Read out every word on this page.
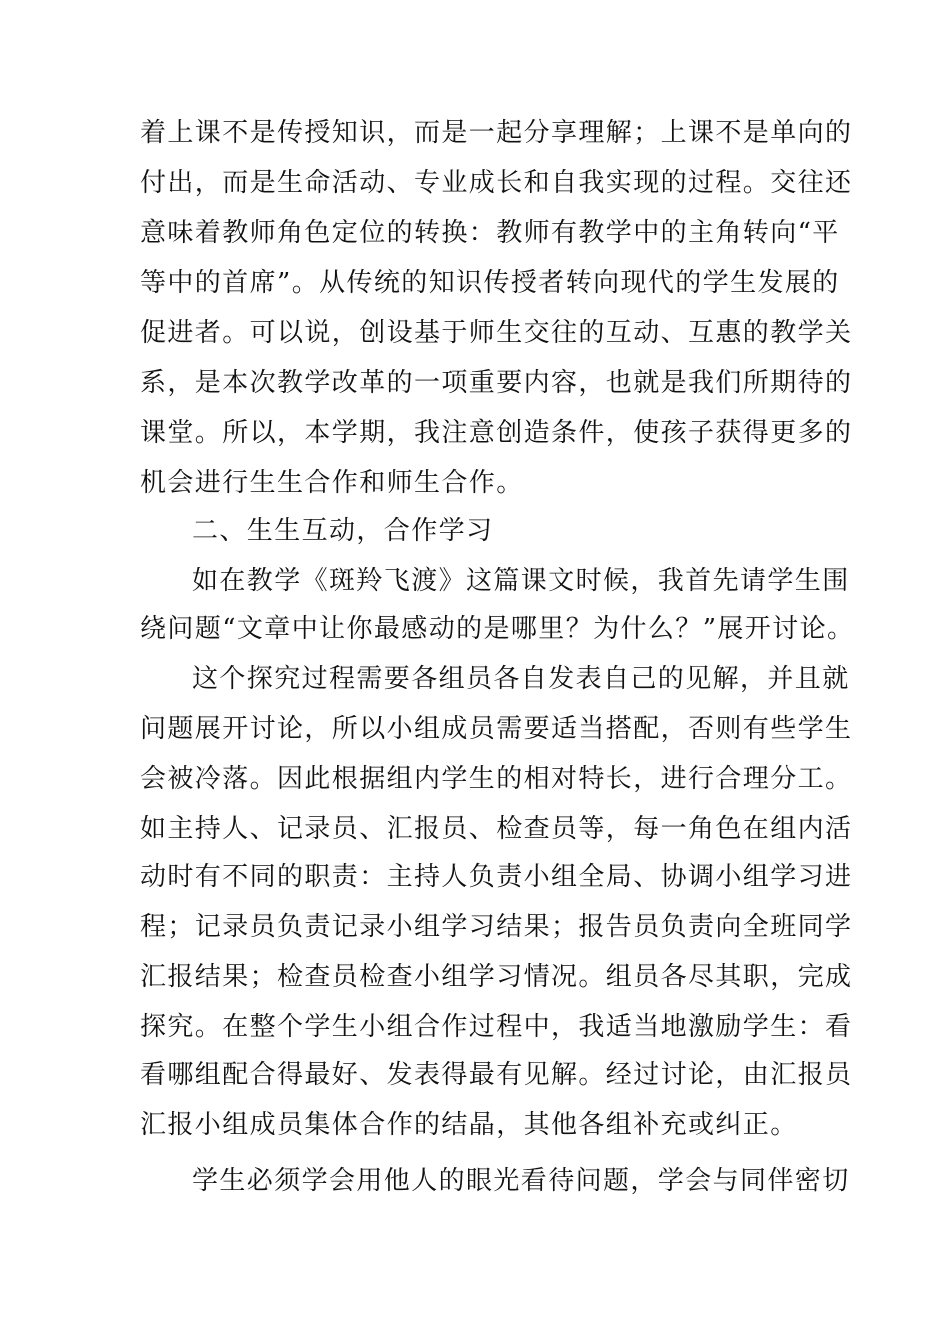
着上课不是传授知识，而是一起分享理解；上课不是单向的
付出，而是生命活动、专业成长和自我实现的过程。交往还
意味着教师角色定位的转换：教师有教学中的主角转向“平
等中的首席”。从传统的知识传授者转向现代的学生发展的
促进者。可以说，创设基于师生交往的互动、互惠的教学关
系，是本次教学改革的一项重要内容，也就是我们所期待的
课堂。所以，本学期，我注意创造条件，使孩子获得更多的
机会进行生生合作和师生合作。
二、生生互动，合作学习
如在教学《斑羚飞渡》这篇课文时候，我首先请学生围
绕问题“文章中让你最感动的是哪里？为什么？”展开讨论。
这个探究过程需要各组员各自发表自己的见解，并且就
问题展开讨论，所以小组成员需要适当搭配，否则有些学生
会被冷落。因此根据组内学生的相对特长，进行合理分工。
如主持人、记录员、汇报员、检查员等，每一角色在组内活
动时有不同的职责：主持人负责小组全局、协调小组学习进
程；记录员负责记录小组学习结果；报告员负责向全班同学
汇报结果；检查员检查小组学习情况。组员各尽其职，完成
探究。在整个学生小组合作过程中，我适当地激励学生：看
看哪组配合得最好、发表得最有见解。经过讨论，由汇报员
汇报小组成员集体合作的结晶，其他各组补充或纠正。
学生必须学会用他人的眼光看待问题，学会与同伴密切
